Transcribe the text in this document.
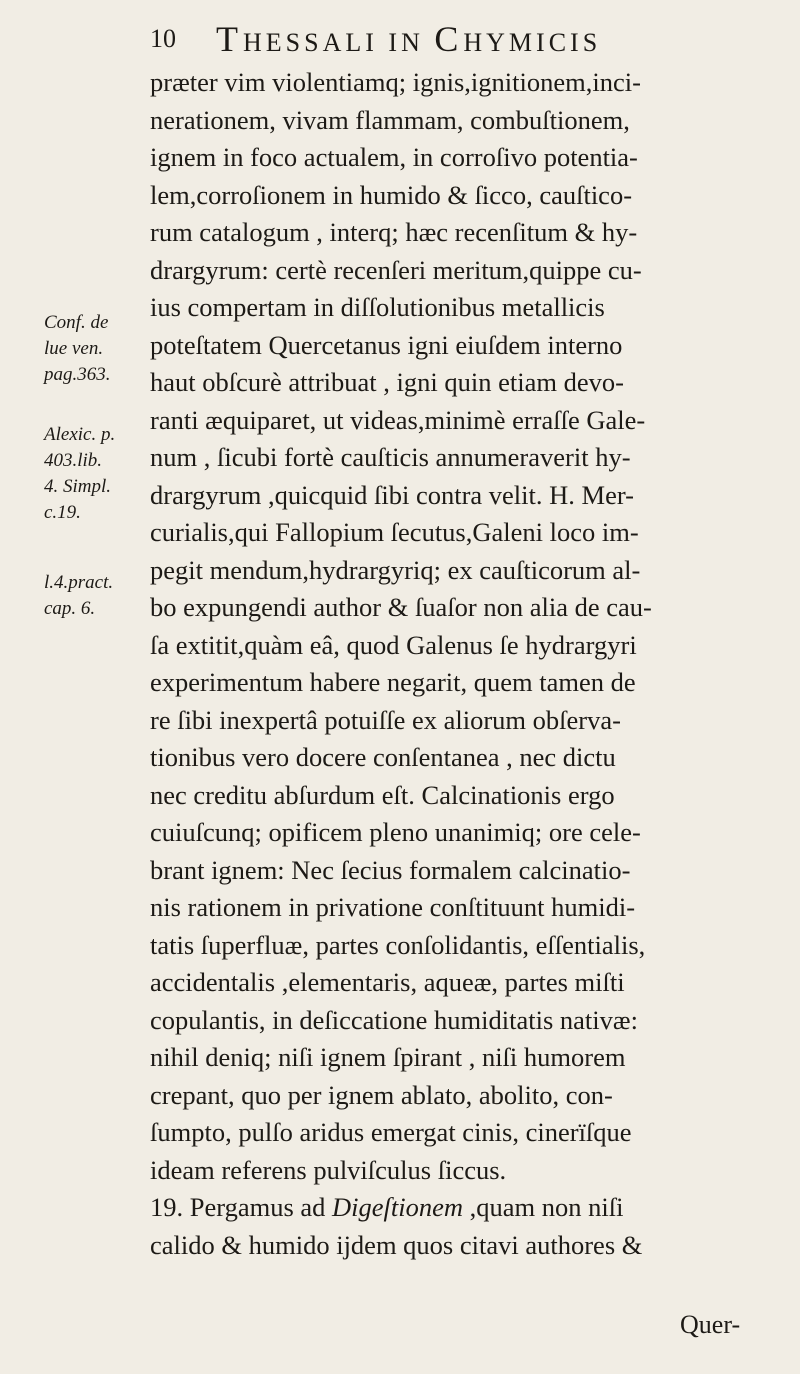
10 THESSALI IN CHYMICIS
Conf. de
lue ven.
pag.363.
Alexic. p.
403.lib.
4. Simpl.
c.19.
l.4.pract.
cap. 6.
præter vim violentiamq; ignis,ignitionem,inci-
nerationem, vivam flammam, combuſtionem,
ignem in foco actualem, in corroſivo potentia-
lem,corroſionem in humido & ſicco, cauſtico-
rum catalogum , interq; hæc recenſitum & hy-
drargyrum: certè recenſeri meritum,quippe cu-
ius compertam in diſſolutionibus metallicis
poteſtatem Quercetanus igni eiuſdem interno
haut obſcurè attribuat , igni quin etiam devo-
ranti æquiparet, ut videas,minimè erraſſe Gale-
num , ſicubi fortè cauſticis annumeraverit hy-
drargyrum ,quicquid ſibi contra velit. H. Mer-
curialis,qui Fallopium ſecutus,Galeni loco im-
pegit mendum,hydrargyriq; ex cauſticorum al-
bo expungendi author & ſuaſor non alia de cau-
ſa extitit,quàm eâ, quod Galenus ſe hydrargyri
experimentum habere negarit, quem tamen de
re ſibi inexpertâ potuiſſe ex aliorum obſerva-
tionibus vero docere conſentanea , nec dictu
nec creditu abſurdum eſt. Calcinationis ergo
cuiuſcunq; opificem pleno unanimiq; ore cele-
brant ignem: Nec ſecius formalem calcinatio-
nis rationem in privatione conſtituunt humidi-
tatis ſuperfluæ, partes conſolidantis, eſſentialis,
accidentalis ,elementaris, aqueæ, partes miſti
copulantis, in deſiccatione humiditatis nativæ:
nihil deniq; niſi ignem ſpirant , niſi humorem
crepant, quo per ignem ablato, abolito, con-
ſumpto, pulſo aridus emergat cinis, cinerïſque
ideam referens pulviſculus ſiccus.
19. Pergamus ad Digeſtionem ,quam non niſi
calido & humido ijdem quos citavi authores &
Quer-
